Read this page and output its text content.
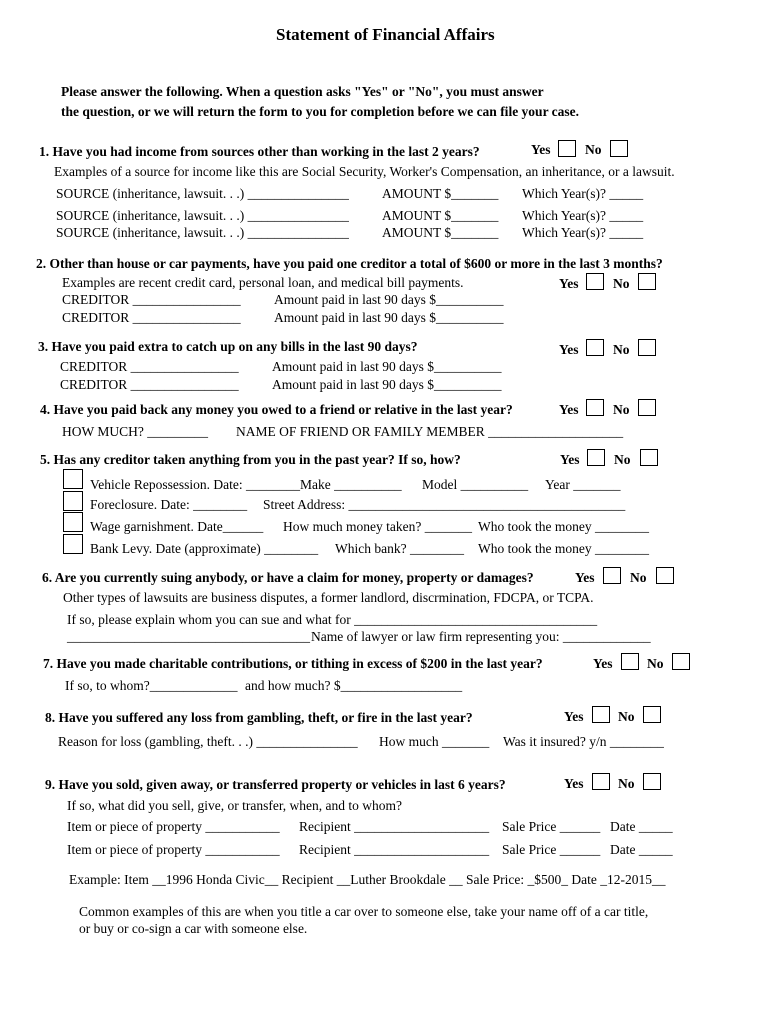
Statement of Financial Affairs
Please answer the following. When a question asks "Yes" or "No", you must answer
the question, or we will return the form to you for completion before we can file your case.
1. Have you had income from sources other than working in the last 2 years?	Yes	No
Examples of a source for income like this are Social Security, Worker's Compensation, an inheritance, or a lawsuit.
SOURCE (inheritance, lawsuit. . .) _______________ AMOUNT $_______ Which Year(s)? _____
SOURCE (inheritance, lawsuit. . .) _______________ AMOUNT $_______ Which Year(s)? _____
SOURCE (inheritance, lawsuit. . .) _______________ AMOUNT $_______ Which Year(s)? _____
2. Other than house or car payments, have you paid one creditor a total of $600 or more in the last 3 months?
Examples are recent credit card, personal loan, and medical bill payments.	Yes	No
CREDITOR ________________ Amount paid in last 90 days $__________
CREDITOR ________________ Amount paid in last 90 days $__________
3. Have you paid extra to catch up on any bills in the last 90 days?	Yes	No
CREDITOR ________________ Amount paid in last 90 days $__________
CREDITOR ________________ Amount paid in last 90 days $__________
4. Have you paid back any money you owed to a friend or relative in the last year?	Yes	No
HOW MUCH? _________ NAME OF FRIEND OR FAMILY MEMBER ____________________
5. Has any creditor taken anything from you in the past year? If so, how?	Yes	No
Vehicle Repossession. Date: ________Make __________ Model __________ Year _______
Foreclosure. Date: ________ Street Address: _________________________________________
Wage garnishment. Date______ How much money taken? _______ Who took the money ________
Bank Levy. Date (approximate) ________ Which bank? ________ Who took the money ________
6. Are you currently suing anybody, or have a claim for money, property or damages?	Yes	No
Other types of lawsuits are business disputes, a former landlord, discrmination, FDCPA, or TCPA.
If so, please explain whom you can sue and what for ____________________________________
____________________________________ Name of lawyer or law firm representing you: _____________
7. Have you made charitable contributions, or tithing in excess of $200 in the last year?	Yes	No
If so, to whom?_____________ and how much? $__________________
8. Have you suffered any loss from gambling, theft, or fire in the last year?	Yes	No
Reason for loss (gambling, theft. . .) _______________ How much _______ Was it insured? y/n ________
9. Have you sold, given away, or transferred property or vehicles in last 6 years?	Yes	No
If so, what did you sell, give, or transfer, when, and to whom?
Item or piece of property ___________ Recipient ____________________ Sale Price ______ Date _____
Item or piece of property ___________ Recipient ____________________ Sale Price ______ Date _____
Example: Item __1996 Honda Civic__ Recipient __Luther Brookdale __ Sale Price: _$500_ Date _12-2015__
Common examples of this are when you title a car over to someone else, take your name off of a car title,
or buy or co-sign a car with someone else.
